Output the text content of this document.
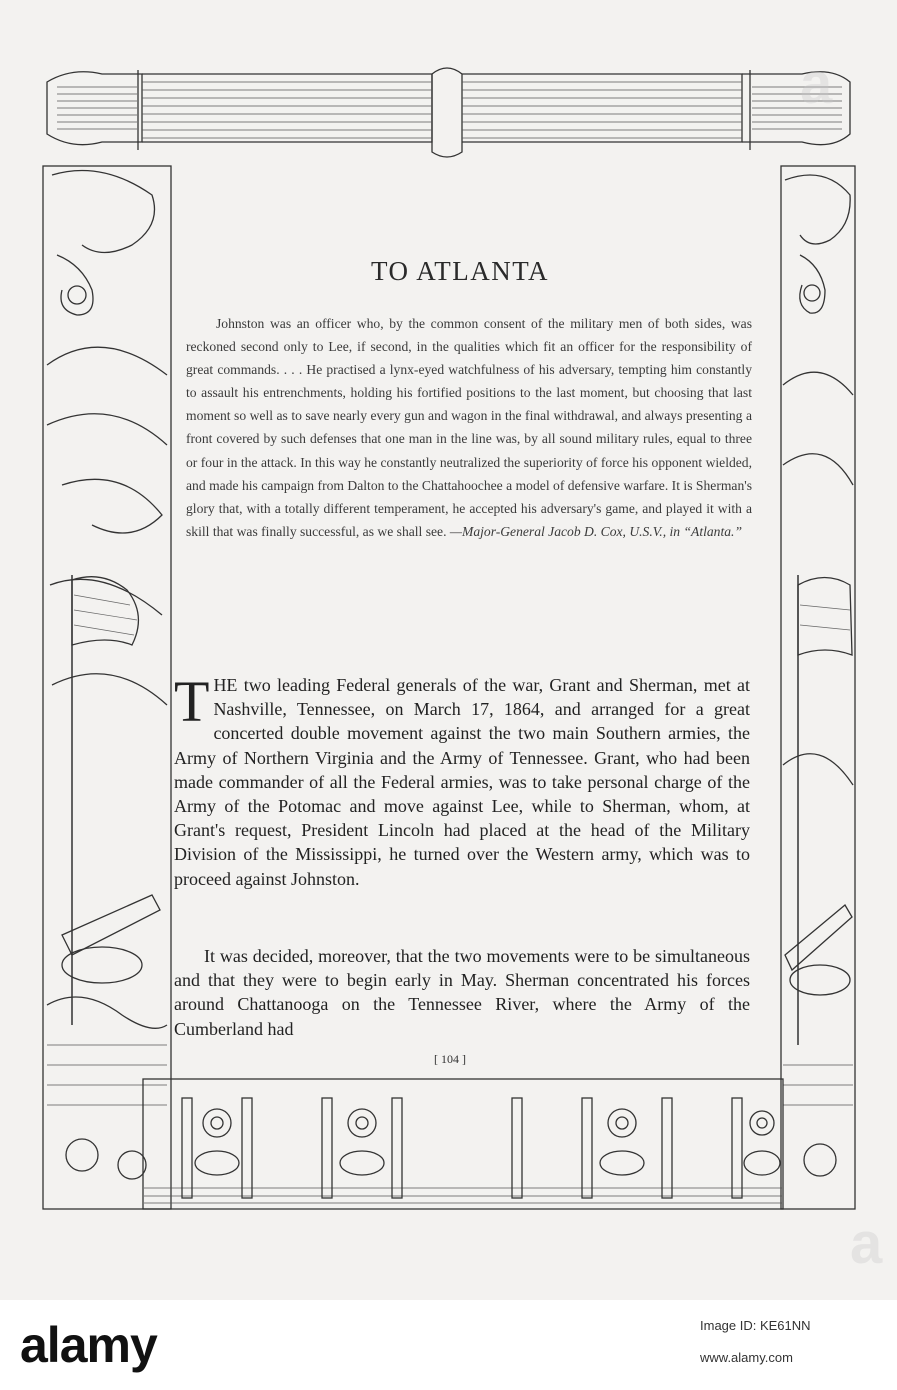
TO ATLANTA

Johnston was an officer who, by the common consent of the military men of both sides, was reckoned second only to Lee, if second, in the qualities which fit an officer for the responsibility of great commands. . . . He practised a lynx-eyed watchfulness of his adversary, tempting him constantly to assault his entrenchments, holding his fortified positions to the last moment, but choosing that last moment so well as to save nearly every gun and wagon in the final withdrawal, and always presenting a front covered by such defenses that one man in the line was, by all sound military rules, equal to three or four in the attack. In this way he constantly neutralized the superiority of force his opponent wielded, and made his campaign from Dalton to the Chattahoochee a model of defensive warfare. It is Sherman's glory that, with a totally different temperament, he accepted his adversary's game, and played it with a skill that was finally successful, as we shall see. —Major-General Jacob D. Cox, U.S.V., in “Atlanta.”

THE two leading Federal generals of the war, Grant and Sherman, met at Nashville, Tennessee, on March 17, 1864, and arranged for a great concerted double movement against the two main Southern armies, the Army of Northern Virginia and the Army of Tennessee. Grant, who had been made commander of all the Federal armies, was to take personal charge of the Army of the Potomac and move against Lee, while to Sherman, whom, at Grant's request, President Lincoln had placed at the head of the Military Division of the Mississippi, he turned over the Western army, which was to proceed against Johnston.

It was decided, moreover, that the two movements were to be simultaneous and that they were to begin early in May. Sherman concentrated his forces around Chattanooga on the Tennessee River, where the Army of the Cumberland had

[ 104 ]
a
a
alamy	Image ID: KE61NN
www.alamy.com
